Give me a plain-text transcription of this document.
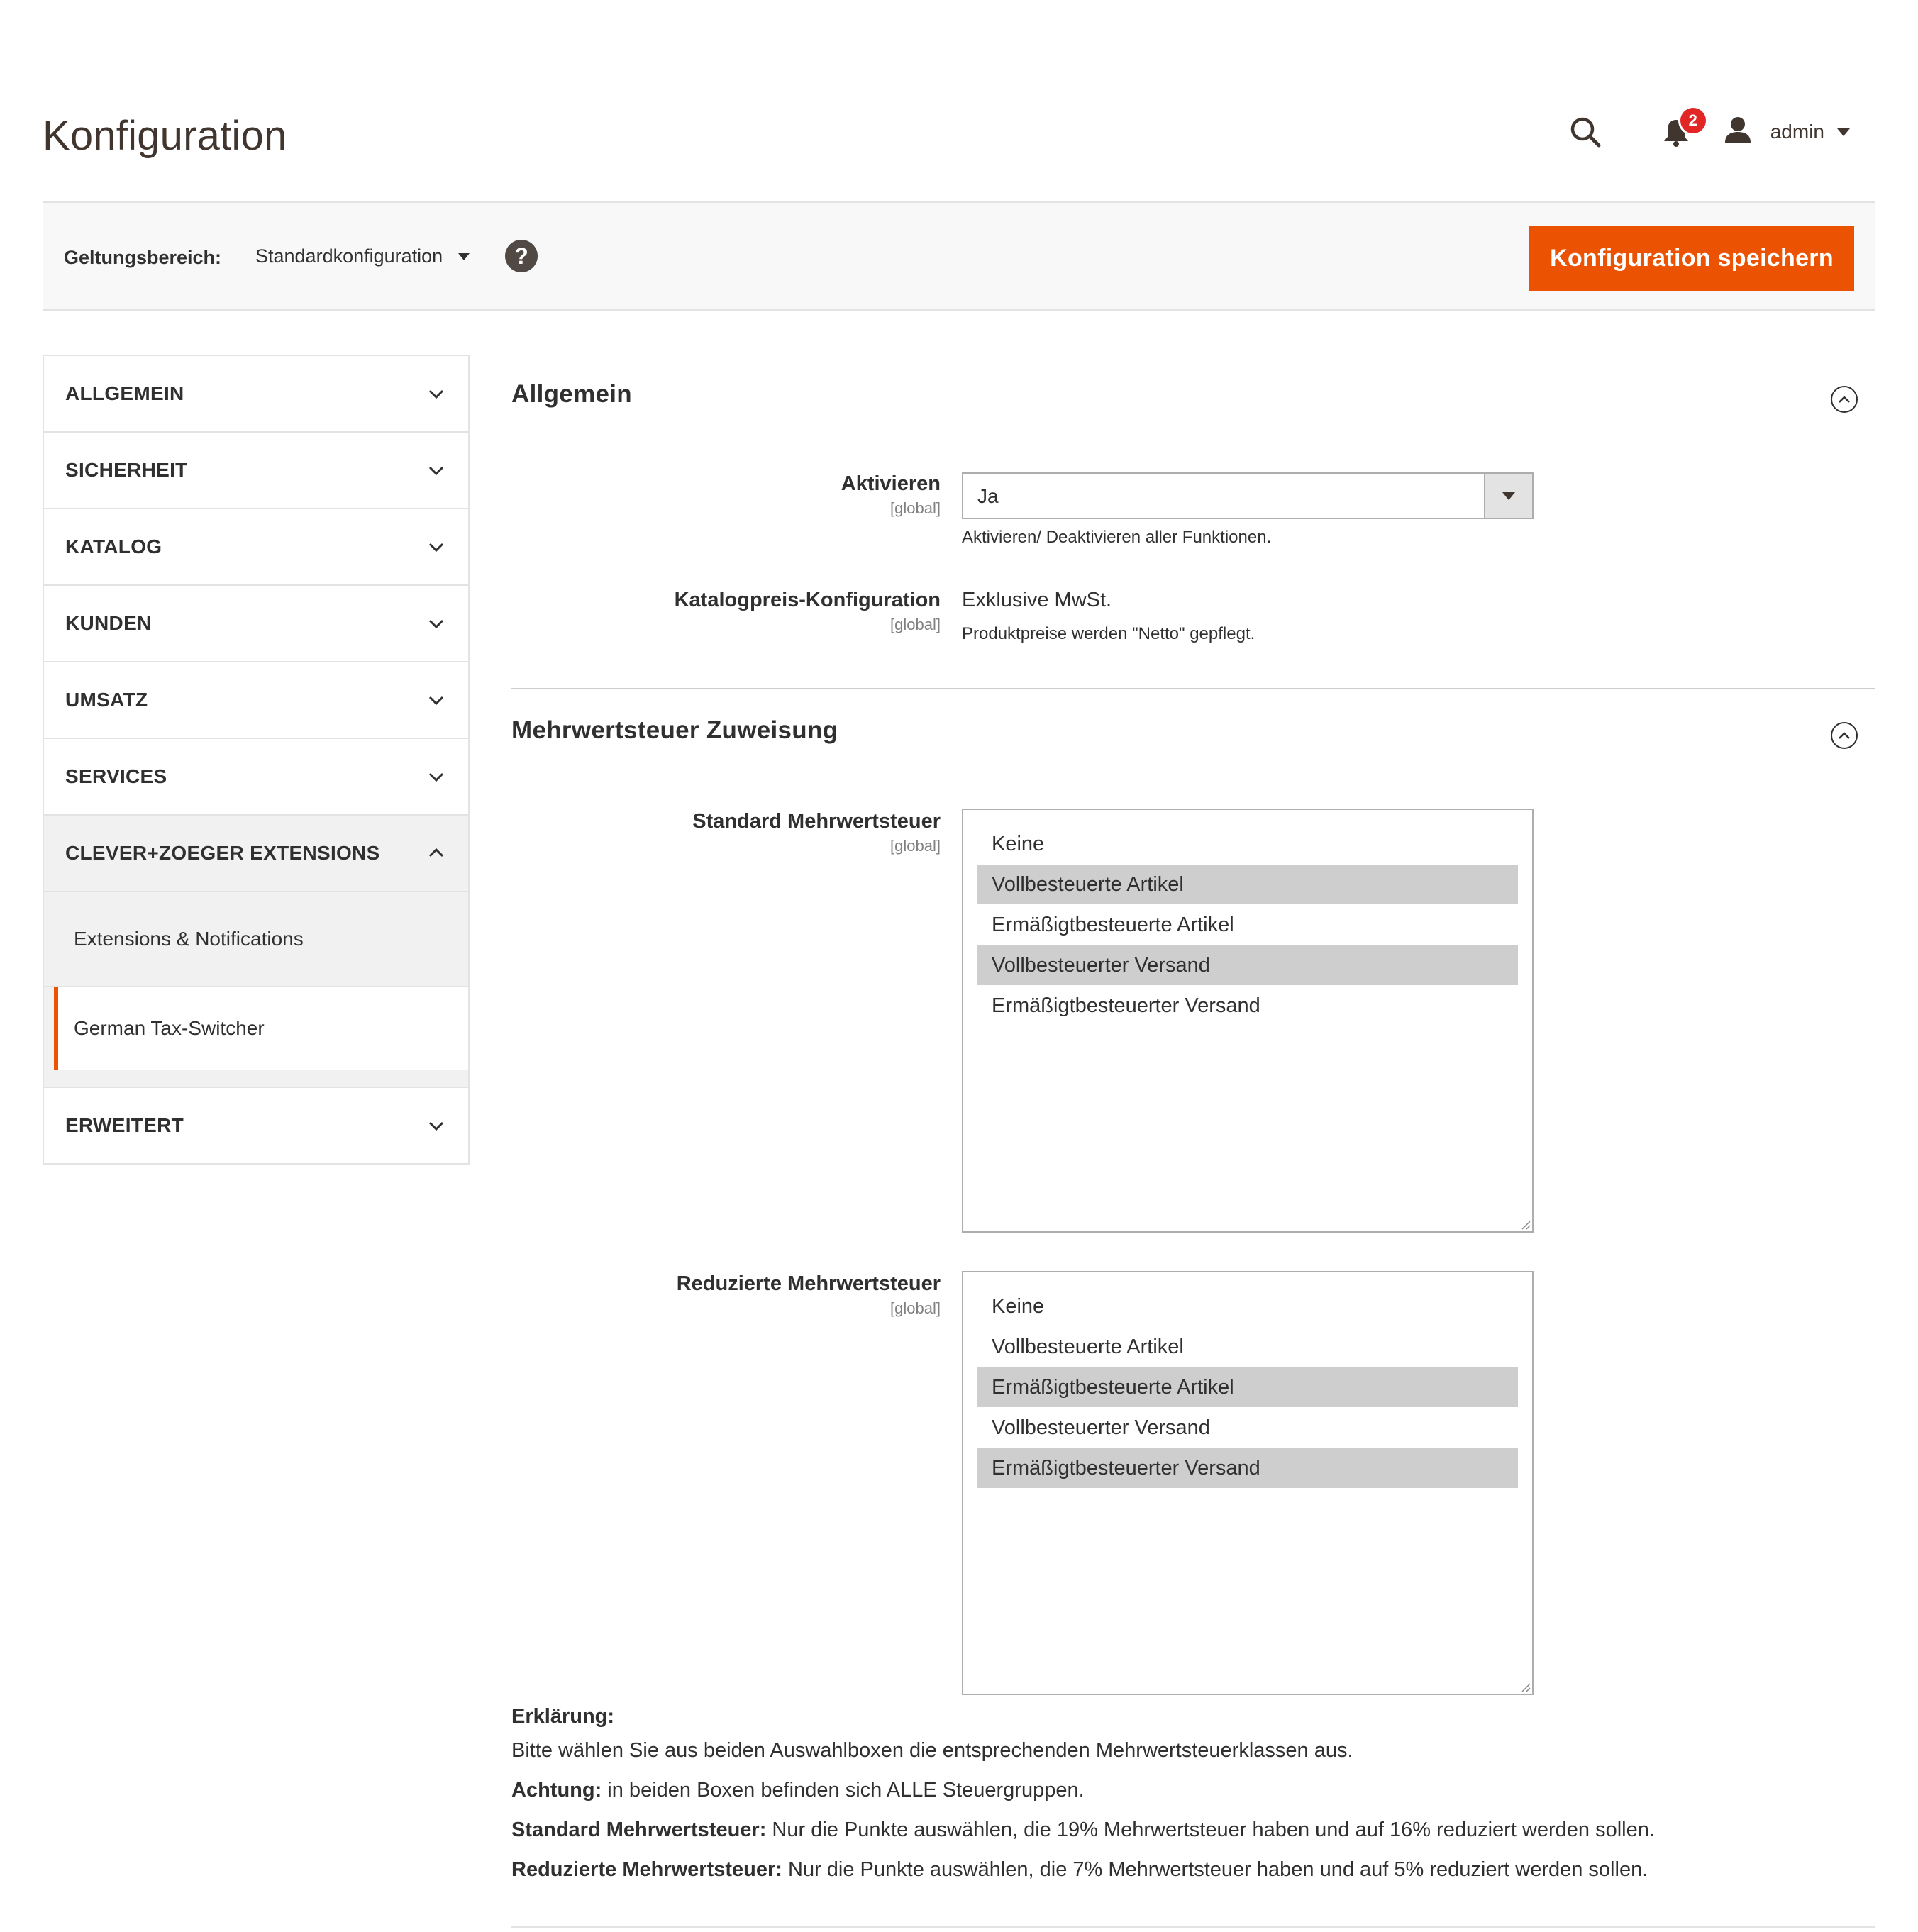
Konfiguration	2
admin
Geltungsbereich: Standardkonfiguration	?	Konfiguration speichern
ALLGEMEIN
SICHERHEIT
KATALOG
KUNDEN
UMSATZ
SERVICES
CLEVER+ZOEGER EXTENSIONS
Extensions & Notifications
German Tax-Switcher
ERWEITERT
Allgemein
Aktivieren
[global]
Ja
Aktivieren/ Deaktivieren aller Funktionen.
Katalogpreis-Konfiguration
[global]
Exklusive MwSt.
Produktpreise werden "Netto" gepflegt.
Mehrwertsteuer Zuweisung
Standard Mehrwertsteuer
[global]	Keine
Vollbesteuerte Artikel
Ermäßigtbesteuerte Artikel
Vollbesteuerter Versand
Ermäßigtbesteuerter Versand
Reduzierte Mehrwertsteuer
[global]	Keine
Vollbesteuerte Artikel
Ermäßigtbesteuerte Artikel
Vollbesteuerter Versand
Ermäßigtbesteuerter Versand
Erklärung:
Bitte wählen Sie aus beiden Auswahlboxen die entsprechenden Mehrwertsteuerklassen aus.
Achtung: in beiden Boxen befinden sich ALLE Steuergruppen.
Standard Mehrwertsteuer: Nur die Punkte auswählen, die 19% Mehrwertsteuer haben und auf 16% reduziert werden sollen.
Reduzierte Mehrwertsteuer: Nur die Punkte auswählen, die 7% Mehrwertsteuer haben und auf 5% reduziert werden sollen.
